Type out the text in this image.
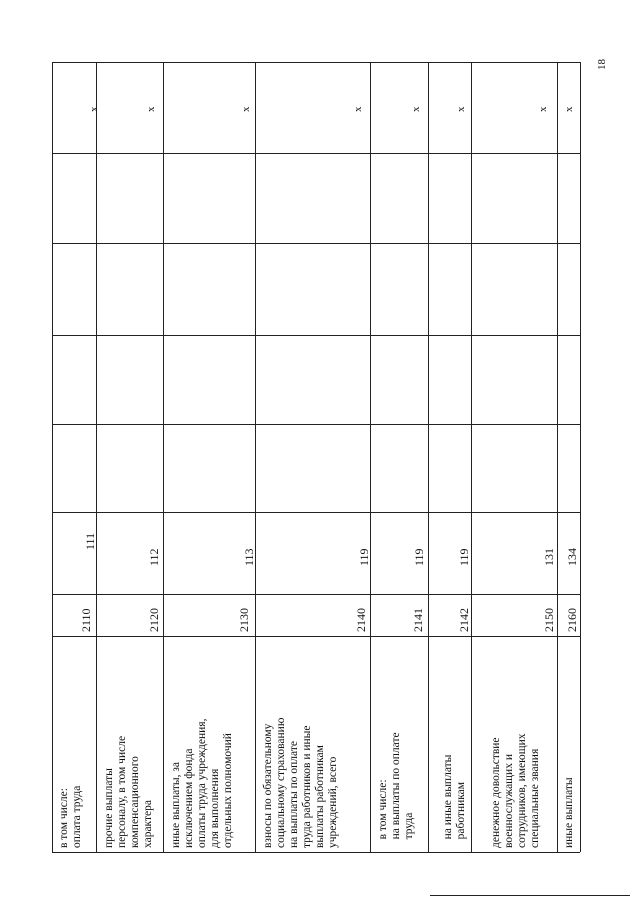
в том числе:
оплата труда
2110
111
х
прочие выплаты
персоналу, в том числе
компенсационного
характера
2120
112
х
иные выплаты, за
исключением фонда
оплаты труда учреждения,
для выполнения
отдельных полномочий
2130
113
х
взносы по обязательному
социальному страхованию
на выплаты по оплате
труда работников и иные
выплаты работникам
учреждений, всего
2140
119
х
в том числе:
на выплаты по оплате
труда
2141
119
х
на иные выплаты
работникам
2142
119
х
денежное довольствие
военнослужащих и
сотрудников, имеющих
специальные звания
2150
131
х
иные выплаты
2160
134
х
18
